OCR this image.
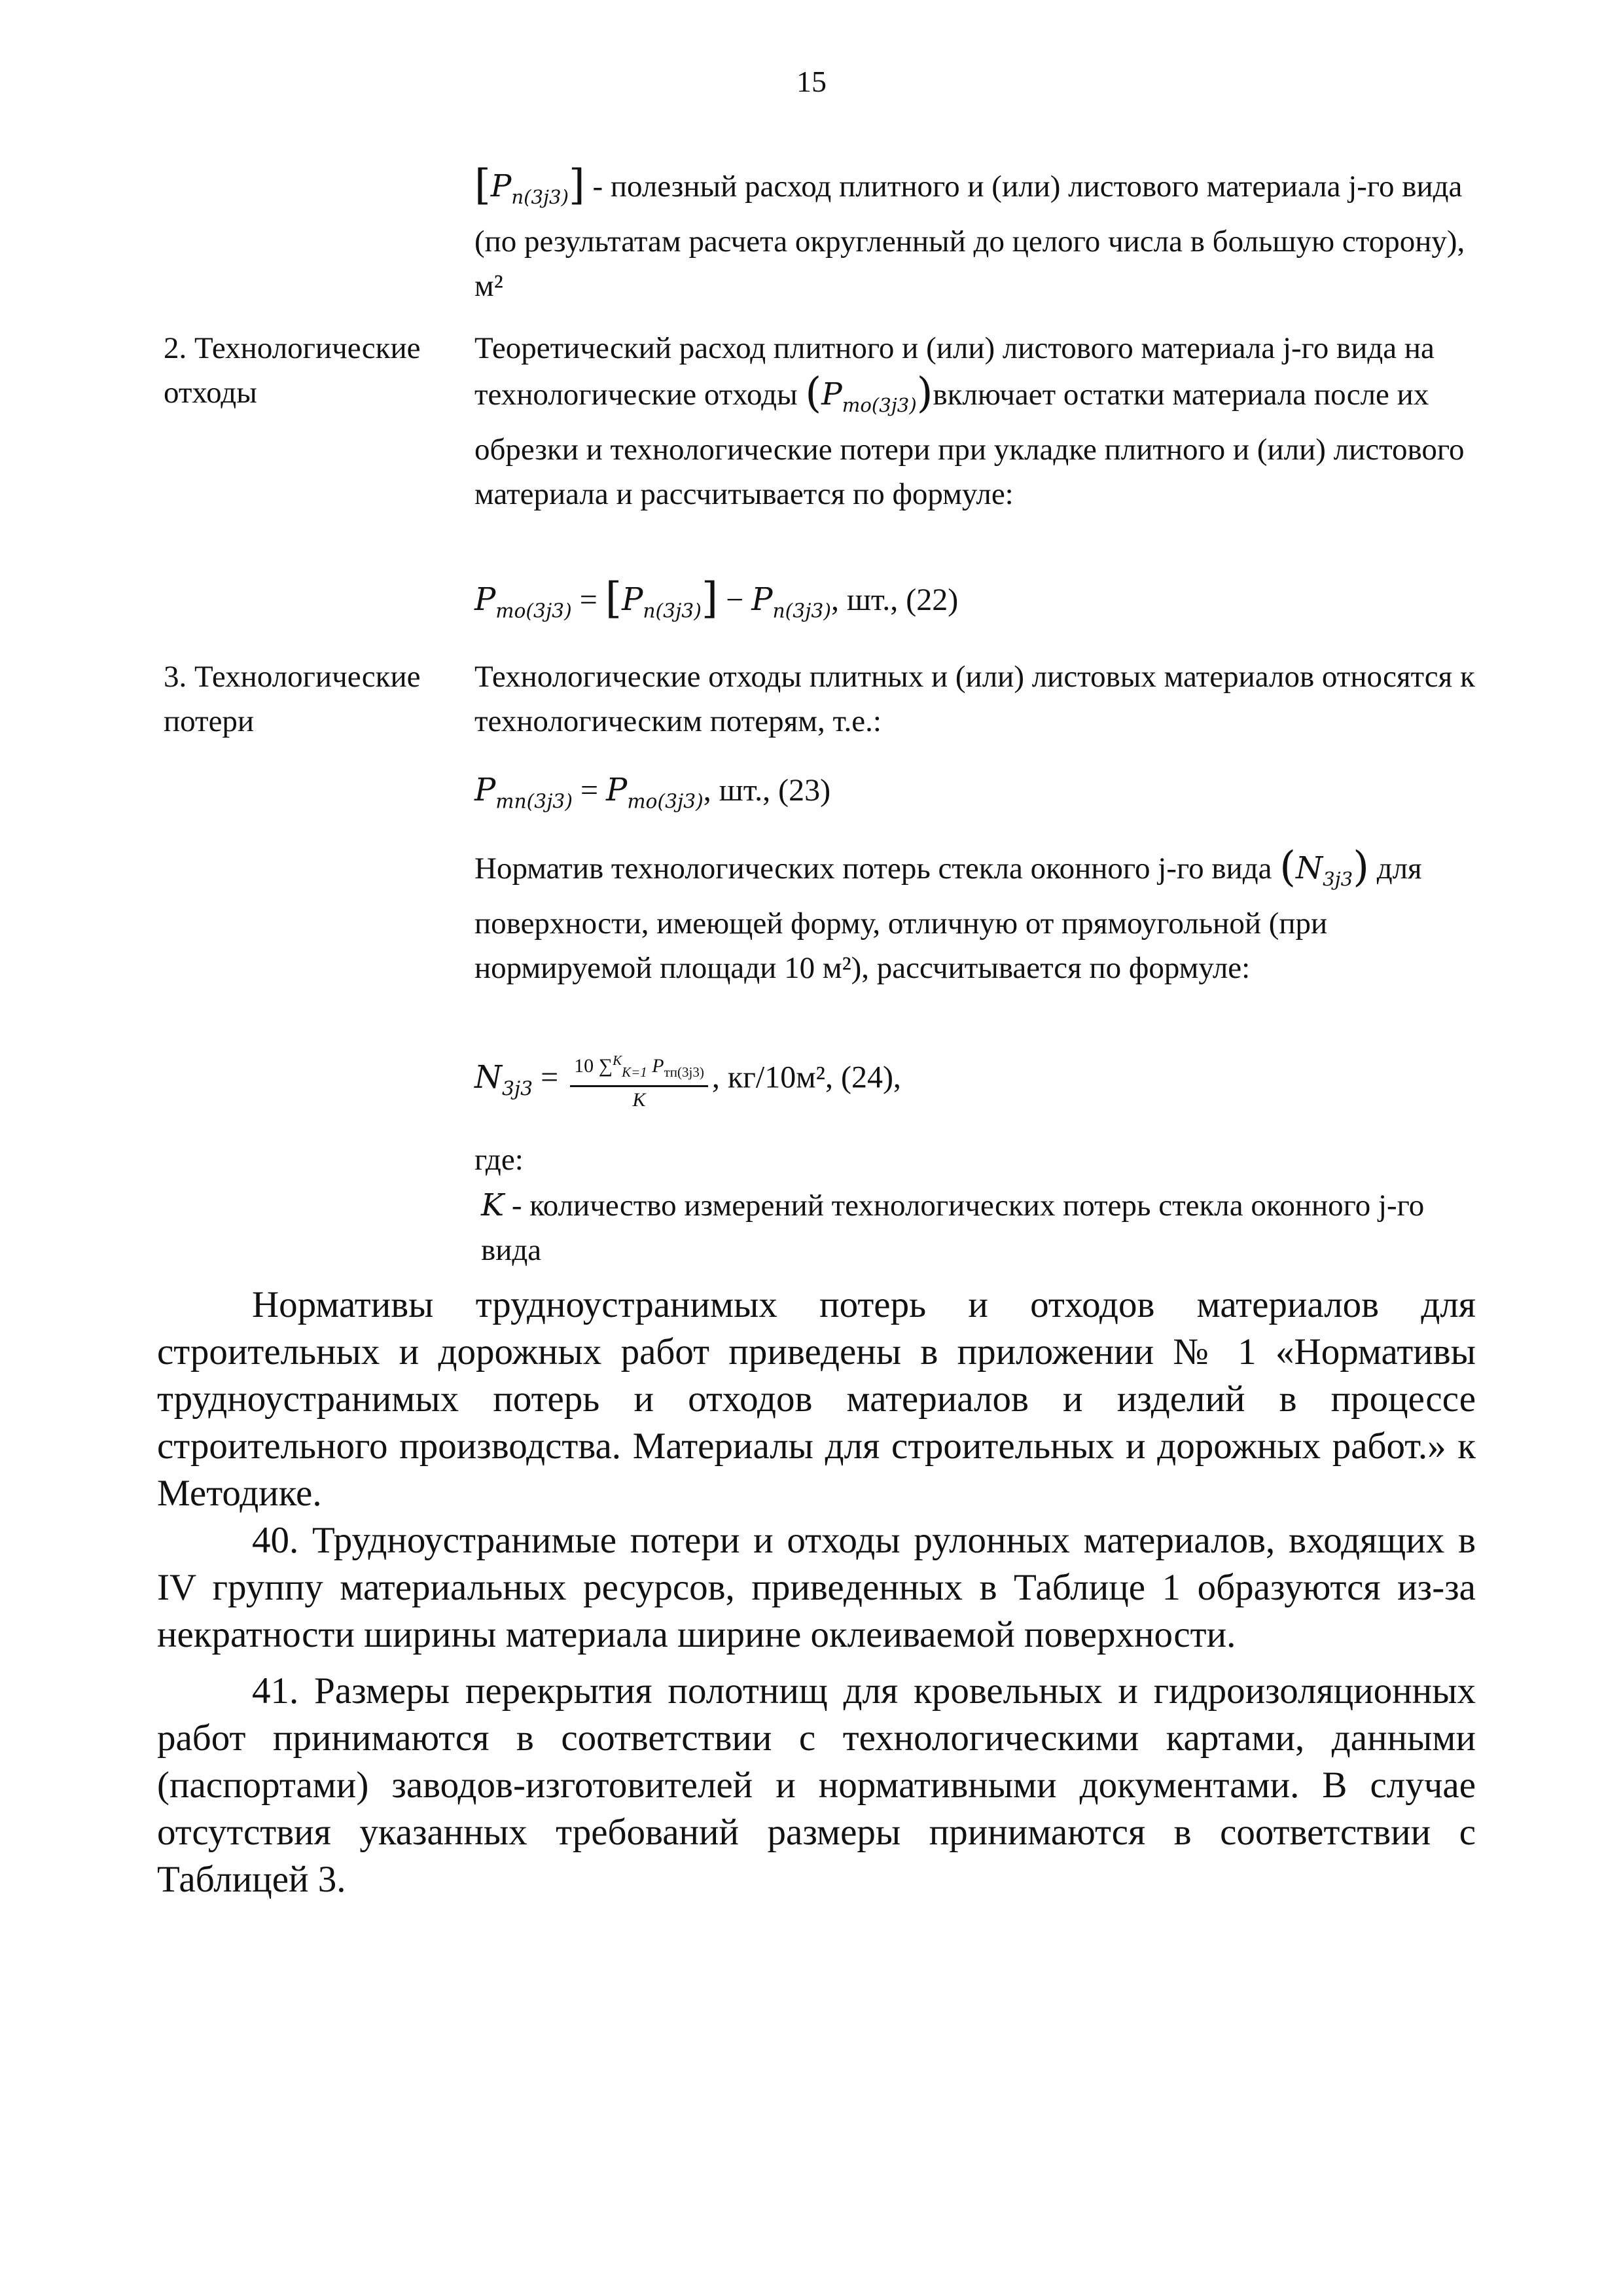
15
$[P_{п(3j3)}]$ - полезный расход плитного и (или) листового материала j-го вида (по результатам расчета округленный до целого числа в большую сторону), м²
2. Технологические отходы
Теоретический расход плитного и (или) листового материала j-го вида на технологические отходы $(P_{то(3j3)})включает$ остатки материала после их обрезки и технологические потери при укладке плитного и (или) листового материала и рассчитывается по формуле:
$P_{то(3j3)} = [P_{п(3j3)}] - P_{п(3j3)}$, шт., (22)
3. Технологические потери
Технологические отходы плитных и (или) листовых материалов относятся к технологическим потерям, т.е.:
$P_{тп(3j3)} = P_{то(3j3)}$, шт., (23)
Норматив технологических потерь стекла оконного j-го вида $(N_{3j3})$ для поверхности, имеющей форму, отличную от прямоугольной (при нормируемой площади 10 м²), рассчитывается по формуле:
$N_{3j3} = \frac{10 \sum^K_{K=1} P_{тп(3j3)}}{K}$ , кг/10м², (24),
где:
K - количество измерений технологических потерь стекла оконного j-го вида
Нормативы трудноустранимых потерь и отходов материалов для строительных и дорожных работ приведены в приложении № 1 «Нормативы трудноустранимых потерь и отходов материалов и изделий в процессе строительного производства. Материалы для строительных и дорожных работ.» к Методике.
40. Трудноустранимые потери и отходы рулонных материалов, входящих в IV группу материальных ресурсов, приведенных в Таблице 1 образуются из-за некратности ширины материала ширине оклеиваемой поверхности.
41. Размеры перекрытия полотнищ для кровельных и гидроизоляционных работ принимаются в соответствии с технологическими картами, данными (паспортами) заводов-изготовителей и нормативными документами. В случае отсутствия указанных требований размеры принимаются в соответствии с Таблицей 3.
